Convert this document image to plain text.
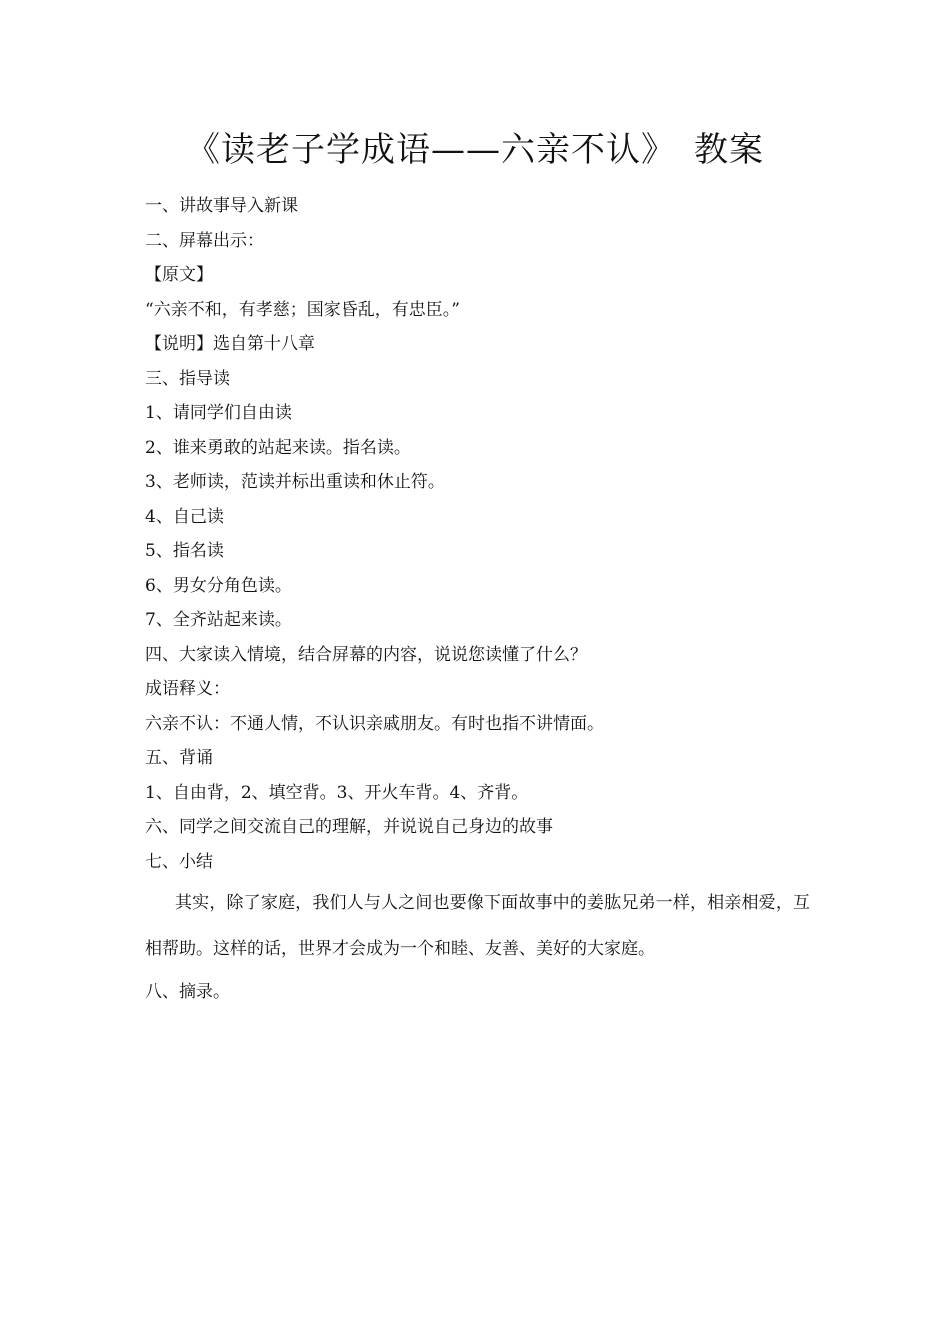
《读老子学成语——六亲不认》　教案
一、讲故事导入新课
二、屏幕出示：
【原文】
“六亲不和，有孝慈；国家昏乱，有忠臣。”
【说明】选自第十八章
三、指导读
1、请同学们自由读
2、谁来勇敢的站起来读。指名读。
3、老师读，范读并标出重读和休止符。
4、自己读
5、指名读
6、男女分角色读。
7、全齐站起来读。
四、大家读入情境，结合屏幕的内容，说说您读懂了什么？
成语释义：
六亲不认：不通人情，不认识亲戚朋友。有时也指不讲情面。
五、背诵
1、自由背，2、填空背。3、开火车背。4、齐背。
六、同学之间交流自己的理解，并说说自己身边的故事
七、小结
其实，除了家庭，我们人与人之间也要像下面故事中的姜肱兄弟一样，相亲相爱，互相帮助。这样的话，世界才会成为一个和睦、友善、美好的大家庭。
八、摘录。
